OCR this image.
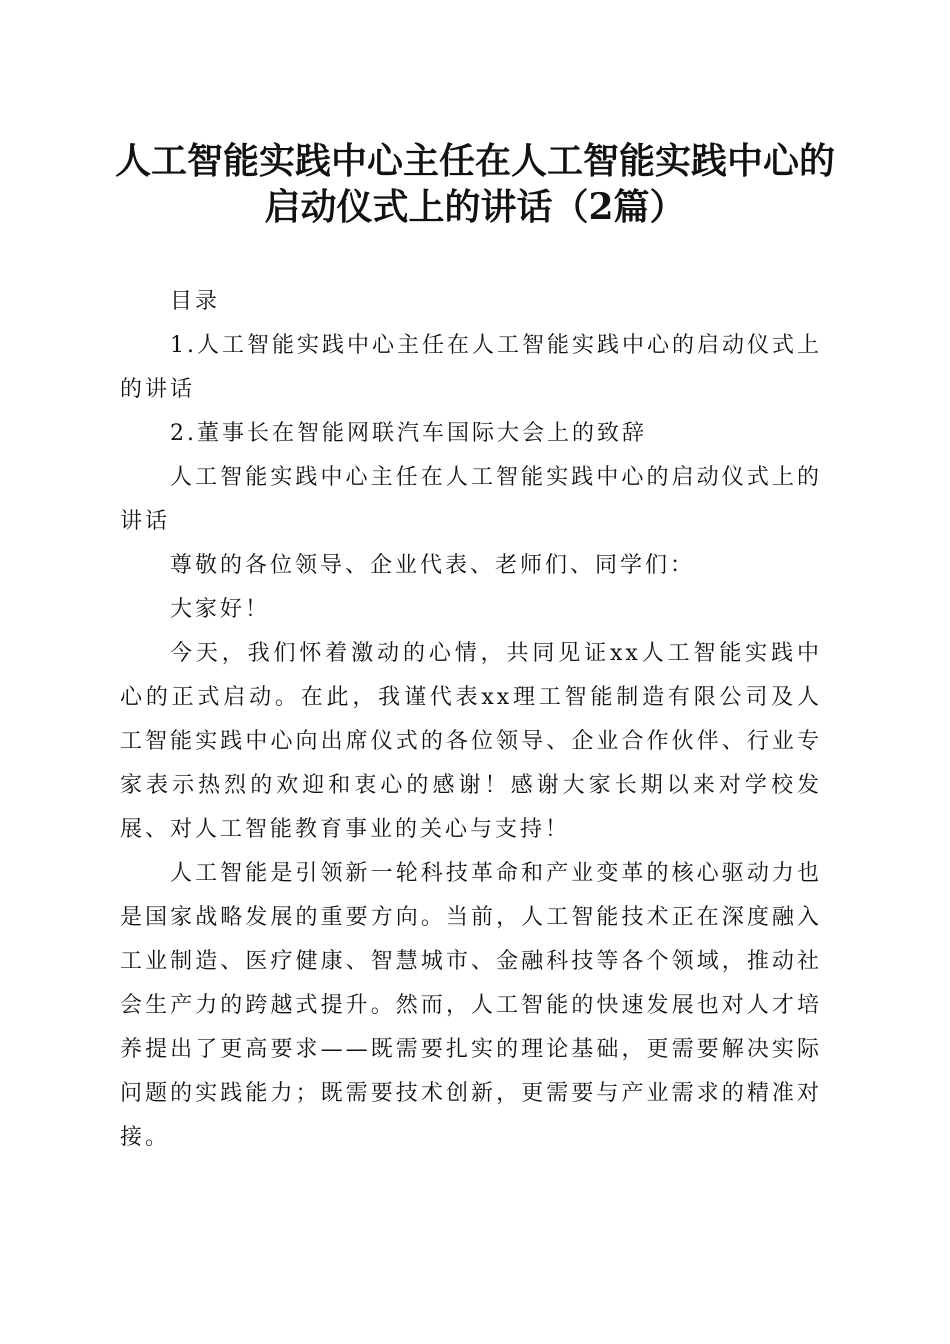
人工智能实践中心主任在人工智能实践中心的
启动仪式上的讲话（2篇）

目录

1.人工智能实践中心主任在人工智能实践中心的启动仪式上的讲话

2.董事长在智能网联汽车国际大会上的致辞

人工智能实践中心主任在人工智能实践中心的启动仪式上的讲话

尊敬的各位领导、企业代表、老师们、同学们：

大家好！

今天，我们怀着激动的心情，共同见证xx人工智能实践中心的正式启动。在此，我谨代表xx理工智能制造有限公司及人工智能实践中心向出席仪式的各位领导、企业合作伙伴、行业专家表示热烈的欢迎和衷心的感谢！感谢大家长期以来对学校发展、对人工智能教育事业的关心与支持！

人工智能是引领新一轮科技革命和产业变革的核心驱动力也是国家战略发展的重要方向。当前，人工智能技术正在深度融入工业制造、医疗健康、智慧城市、金融科技等各个领域，推动社会生产力的跨越式提升。然而，人工智能的快速发展也对人才培养提出了更高要求——既需要扎实的理论基础，更需要解决实际问题的实践能力；既需要技术创新，更需要与产业需求的精准对接。
